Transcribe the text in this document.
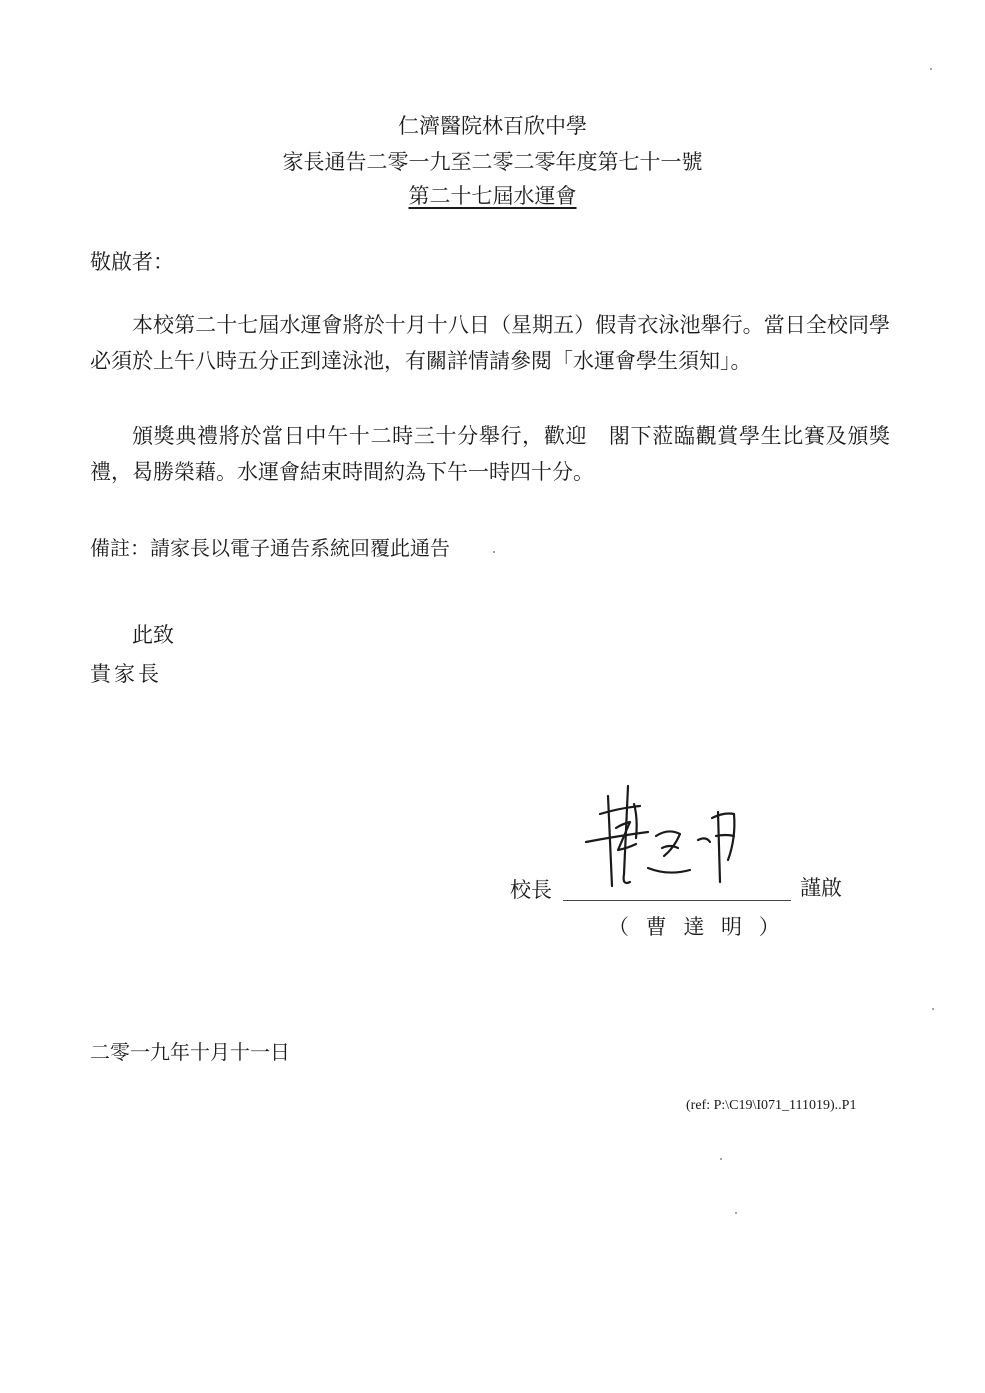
仁濟醫院林百欣中學
家長通告二零一九至二零二零年度第七十一號
第二十七屆水運會
敬啟者：
本校第二十七屆水運會將於十月十八日（星期五）假青衣泳池舉行。當日全校同學必須於上午八時五分正到達泳池，有關詳情請參閱「水運會學生須知」。
頒獎典禮將於當日中午十二時三十分舉行，歡迎　閣下蒞臨觀賞學生比賽及頒獎禮，曷勝榮藉。水運會結束時間約為下午一時四十分。
備註：請家長以電子通告系統回覆此通告
此致
貴家長
校長	謹啟
（ 曹 達 明 ）
二零一九年十月十一日
(ref: P:\C19\I071_111019)..P1
